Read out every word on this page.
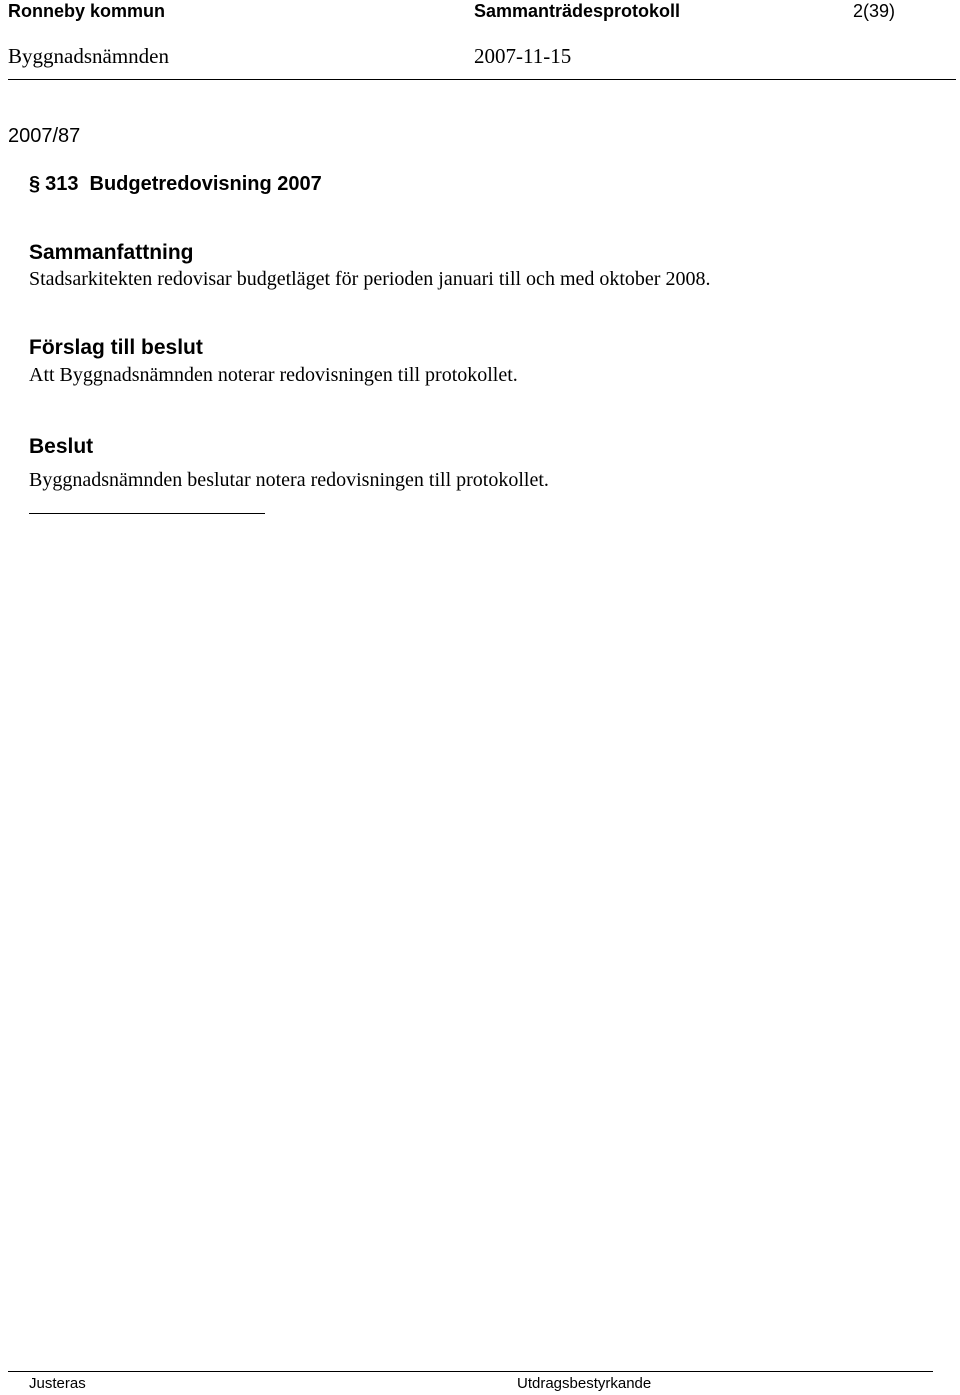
Ronneby kommun	Sammanträdesprotokoll	2(39)
Byggnadsnämnden	2007-11-15
2007/87
§ 313 Budgetredovisning 2007
Sammanfattning
Stadsarkitekten redovisar budgetläget för perioden januari till och med oktober 2008.
Förslag till beslut
Att Byggnadsnämnden noterar redovisningen till protokollet.
Beslut
Byggnadsnämnden beslutar notera redovisningen till protokollet.
Justeras	Utdragsbestyrkande
